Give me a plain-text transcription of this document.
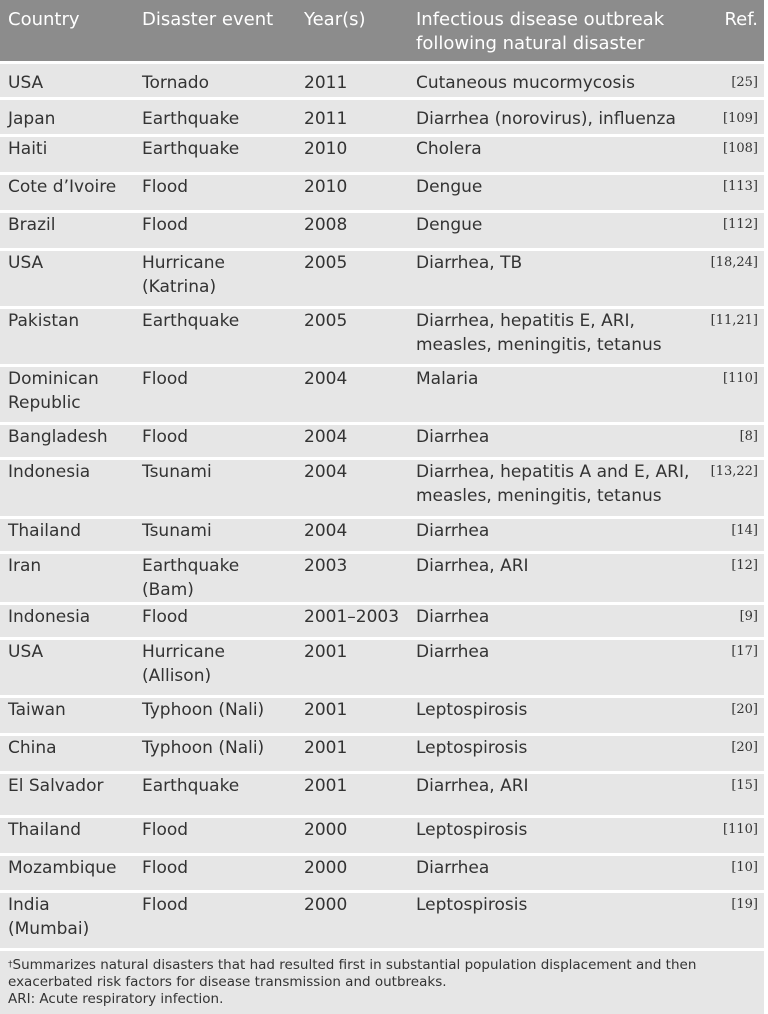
Country	Disaster event	Year(s)	Infectious disease outbreak following natural disaster	Ref.
USA	Tornado	2011	Cutaneous mucormycosis	[25]
Japan	Earthquake	2011	Diarrhea (norovirus), influenza	[109]
Haiti	Earthquake	2010	Cholera	[108]
Cote d’Ivoire	Flood	2010	Dengue	[113]
Brazil	Flood	2008	Dengue	[112]
USA	Hurricane (Katrina)	2005	Diarrhea, TB	[18,24]
Pakistan	Earthquake	2005	Diarrhea, hepatitis E, ARI, measles, meningitis, tetanus	[11,21]
Dominican Republic	Flood	2004	Malaria	[110]
Bangladesh	Flood	2004	Diarrhea	[8]
Indonesia	Tsunami	2004	Diarrhea, hepatitis A and E, ARI, measles, meningitis, tetanus	[13,22]
Thailand	Tsunami	2004	Diarrhea	[14]
Iran	Earthquake (Bam)	2003	Diarrhea, ARI	[12]
Indonesia	Flood	2001–2003	Diarrhea	[9]
USA	Hurricane (Allison)	2001	Diarrhea	[17]
Taiwan	Typhoon (Nali)	2001	Leptospirosis	[20]
China	Typhoon (Nali)	2001	Leptospirosis	[20]
El Salvador	Earthquake	2001	Diarrhea, ARI	[15]
Thailand	Flood	2000	Leptospirosis	[110]
Mozambique	Flood	2000	Diarrhea	[10]
India (Mumbai)	Flood	2000	Leptospirosis	[19]

†Summarizes natural disasters that had resulted first in substantial population displacement and then exacerbated risk factors for disease transmission and outbreaks.

ARI: Acute respiratory infection.
